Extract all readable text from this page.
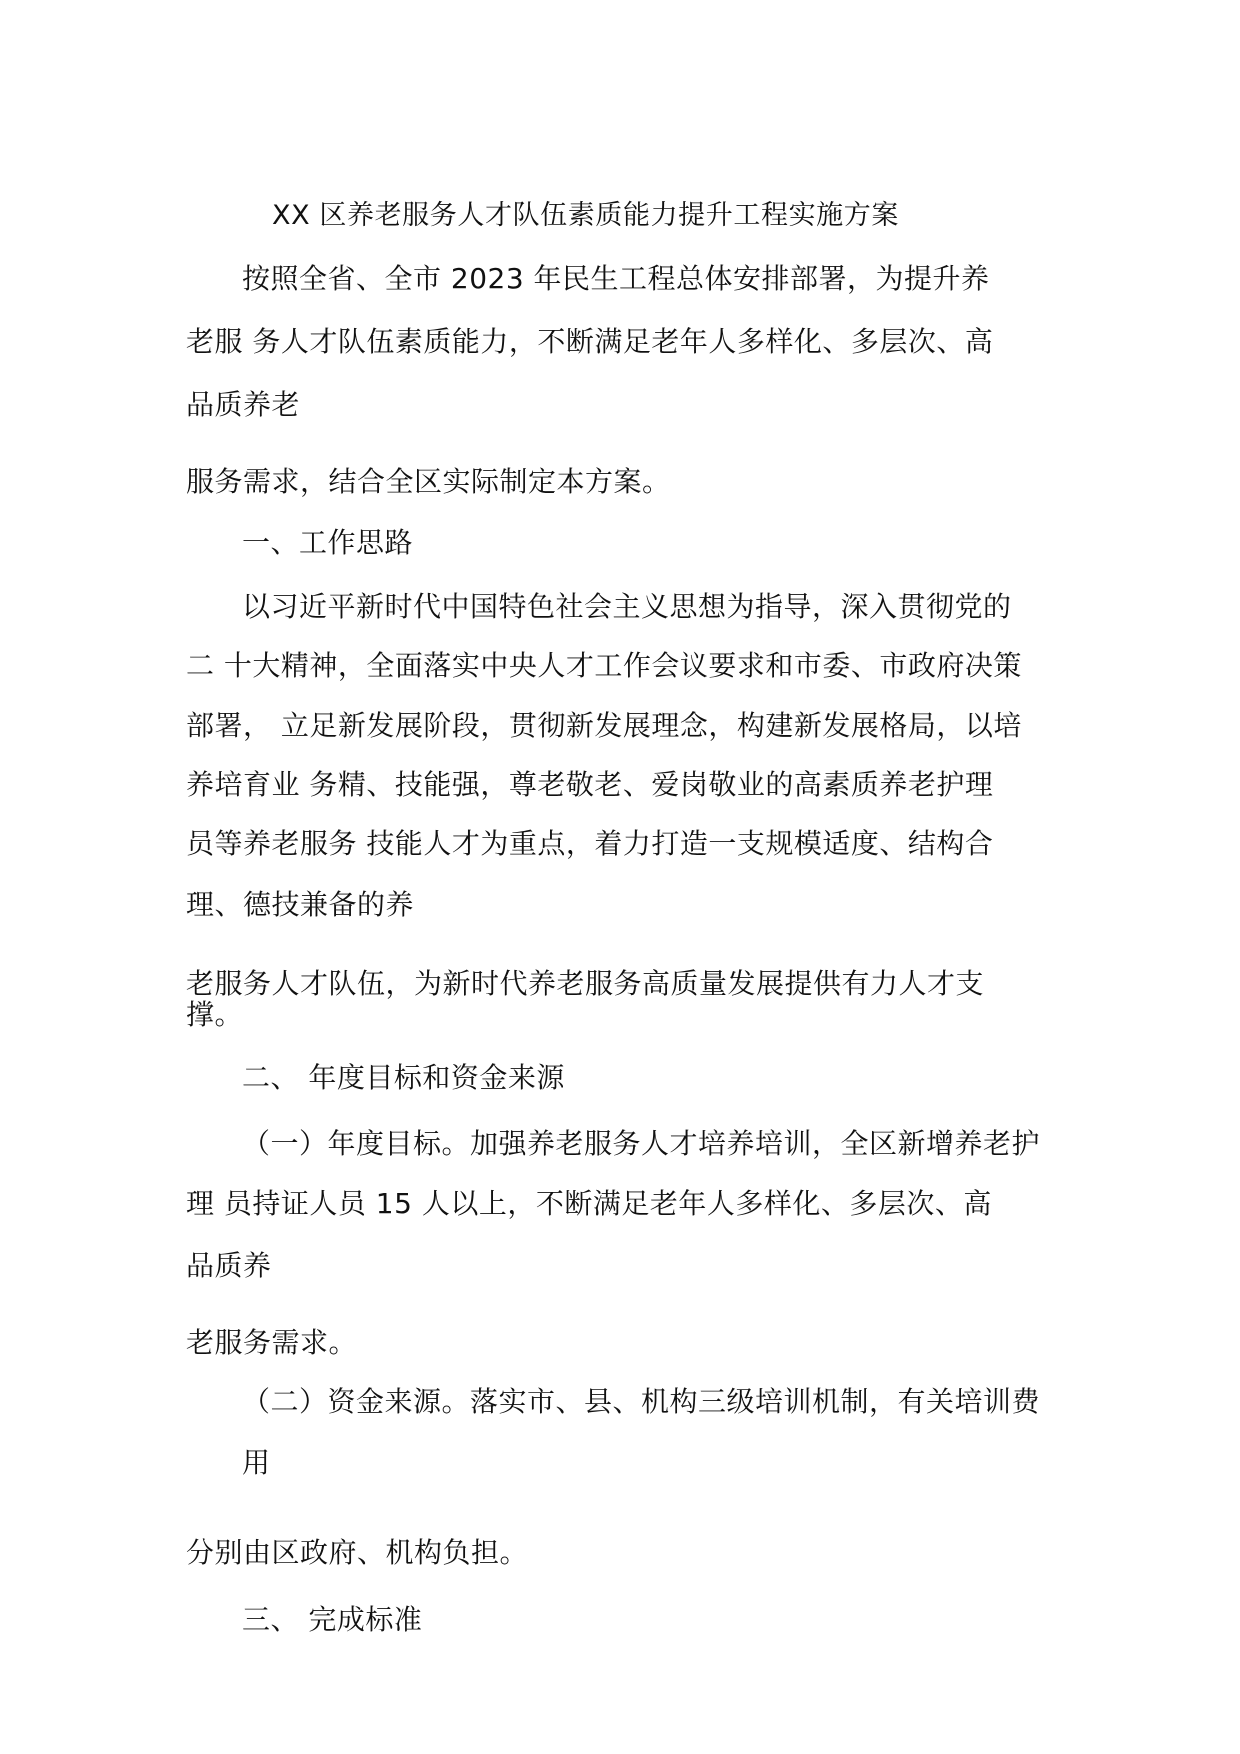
XX 区养老服务人才队伍素质能力提升工程实施方案
按照全省、全市 2023 年民生工程总体安排部署，为提升养
老服 务人才队伍素质能力，不断满足老年人多样化、多层次、高
品质养老
服务需求，结合全区实际制定本方案。
一、工作思路
以习近平新时代中国特色社会主义思想为指导，深入贯彻党的
二 十大精神，全面落实中央人才工作会议要求和市委、市政府决策
部署， 立足新发展阶段，贯彻新发展理念，构建新发展格局，以培
养培育业 务精、技能强，尊老敬老、爱岗敬业的高素质养老护理
员等养老服务 技能人才为重点，着力打造一支规模适度、结构合
理、德技兼备的养
老服务人才队伍，为新时代养老服务高质量发展提供有力人才支
撑。
二、 年度目标和资金来源
（一）年度目标。加强养老服务人才培养培训，全区新增养老护
理 员持证人员 15 人以上，不断满足老年人多样化、多层次、高
品质养
老服务需求。
（二）资金来源。落实市、县、机构三级培训机制，有关培训费
用
分别由区政府、机构负担。
三、 完成标准
